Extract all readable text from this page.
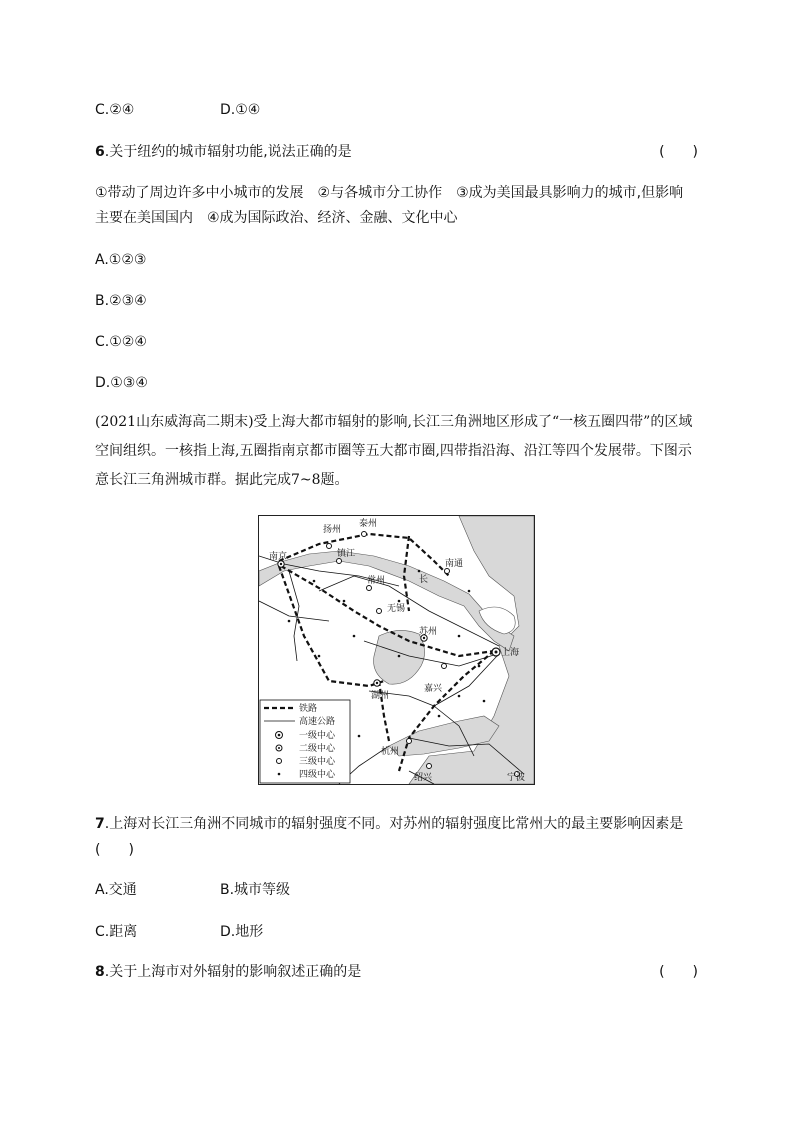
C.②④	D.①④
6.关于纽约的城市辐射功能,说法正确的是	(　　)
①带动了周边许多中小城市的发展　②与各城市分工协作　③成为美国最具影响力的城市,但影响
主要在美国国内　④成为国际政治、经济、金融、文化中心
A.①②③
B.②③④
C.①②④
D.①③④
(2021山东威海高二期末)受上海大都市辐射的影响,长江三角洲地区形成了“一核五圈四带”的区域
空间组织。一核指上海,五圈指南京都市圈等五大都市圈,四带指沿海、沿江等四个发展带。下图示
意长江三角洲城市群。据此完成7~8题。
扬州
泰州
南京	镇江
南通
长
常州
无锡
苏州
上海
湖州
嘉兴
杭州
绍兴	宁波
铁路
高速公路
一级中心
二级中心
三级中心
四级中心
7.上海对长江三角洲不同城市的辐射强度不同。对苏州的辐射强度比常州大的最主要影响因素是
(　　)
A.交通	B.城市等级
C.距离	D.地形
8.关于上海市对外辐射的影响叙述正确的是	(　　)
